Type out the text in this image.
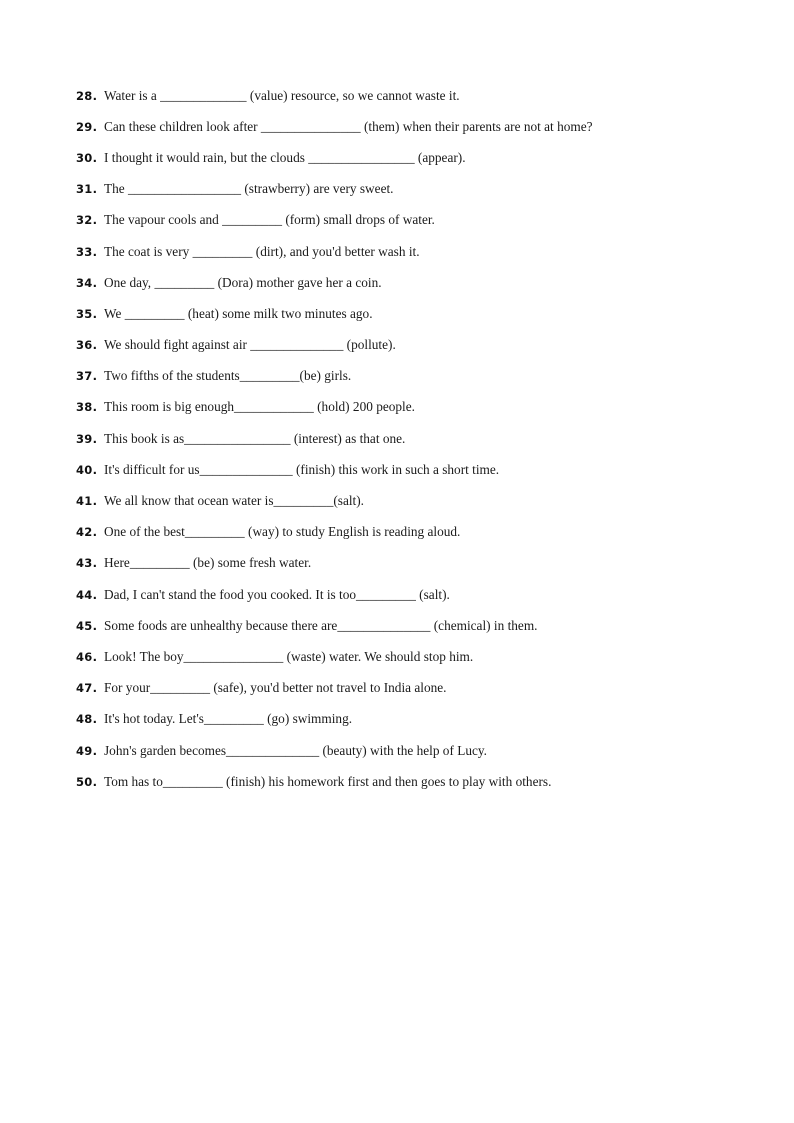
28. Water is a _____________ (value) resource, so we cannot waste it.
29. Can these children look after _______________ (them) when their parents are not at home?
30. I thought it would rain, but the clouds ________________ (appear).
31. The _________________ (strawberry) are very sweet.
32. The vapour cools and _________ (form) small drops of water.
33. The coat is very _________ (dirt), and you'd better wash it.
34. One day, _________ (Dora) mother gave her a coin.
35. We _________ (heat) some milk two minutes ago.
36. We should fight against air ______________ (pollute).
37. Two fifths of the students_________(be) girls.
38. This room is big enough____________ (hold) 200 people.
39. This book is as________________ (interest) as that one.
40. It's difficult for us______________ (finish) this work in such a short time.
41. We all know that ocean water is_________(salt).
42. One of the best_________ (way) to study English is reading aloud.
43. Here_________ (be) some fresh water.
44. Dad, I can't stand the food you cooked. It is too_________ (salt).
45. Some foods are unhealthy because there are______________ (chemical) in them.
46. Look! The boy_______________ (waste) water. We should stop him.
47. For your_________ (safe), you'd better not travel to India alone.
48. It's hot today. Let's_________ (go) swimming.
49. John's garden becomes______________ (beauty) with the help of Lucy.
50. Tom has to_________ (finish) his homework first and then goes to play with others.
